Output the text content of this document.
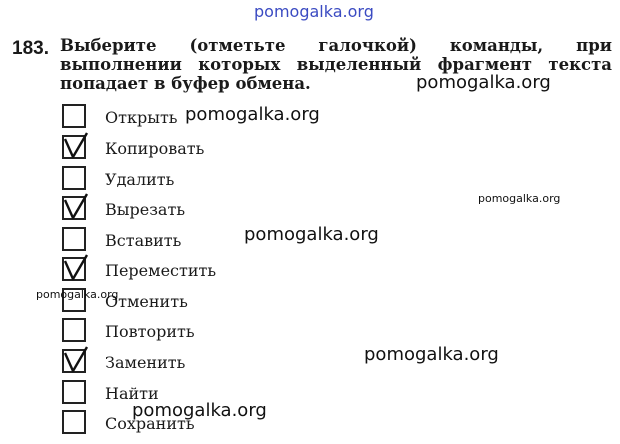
pomogalka.org
183. Выберите (отметьте галочкой) команды, при выполнении которых выделенный фрагмент текста попадает в буфер обмена.
Открыть
Копировать
Удалить
Вырезать
Вставить
Переместить
Отменить
Повторить
Заменить
Найти
Сохранить
pomogalka.org
pomogalka.org
pomogalka.org
pomogalka.org
pomogalka.org
pomogalka.org
pomogalka.org
